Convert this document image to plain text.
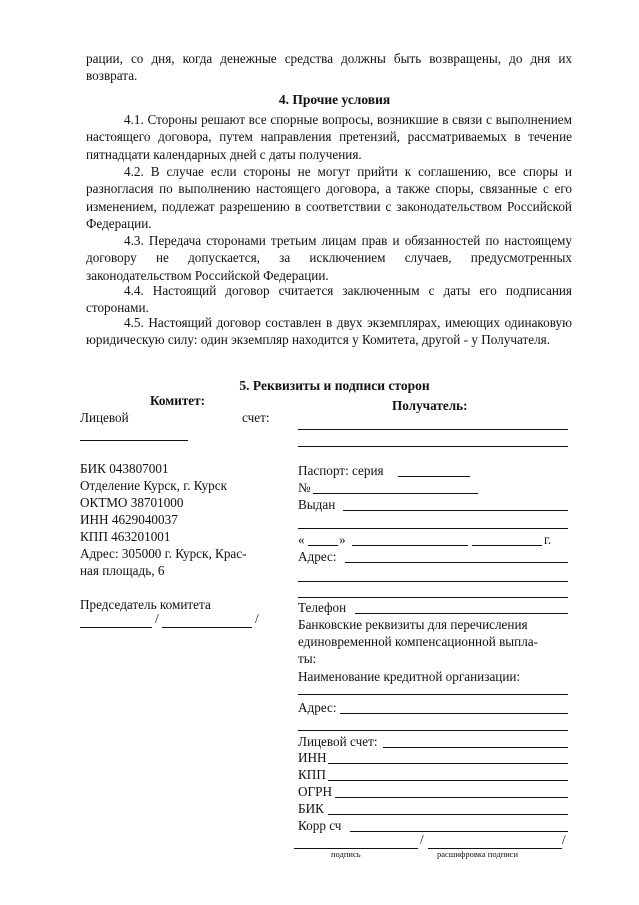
рации, со дня, когда денежные средства должны быть возвращены, до дня их возврата.

4. Прочие условия

4.1. Стороны решают все спорные вопросы, возникшие в связи с выполнением настоящего договора, путем направления претензий, рассматриваемых в течение пятнадцати календарных дней с даты получения.

4.2. В случае если стороны не могут прийти к соглашению, все споры и разногласия по выполнению настоящего договора, а также споры, связанные с его изменением, подлежат разрешению в соответствии с законодательством Российской Федерации.

4.3. Передача сторонами третьим лицам прав и обязанностей по настоящему договору не допускается, за исключением случаев, предусмотренных законодательством Российской Федерации.

4.4. Настоящий договор считается заключенным с даты его подписания сторонами.

4.5. Настоящий договор составлен в двух экземплярах, имеющих одинаковую юридическую силу: один экземпляр находится у Комитета, другой - у Получателя.

5. Реквизиты и подписи сторон
Комитет:
Лицевой	счет:
БИК 043807001
Отделение Курск, г. Курск
ОКТМО 38701000
ИНН 4629040037
КПП 463201001
Адрес: 305000 г. Курск, Крас-
ная площадь, 6
Председатель комитета
/	/
Получатель:
Паспорт: серия
№
Выдан
«	»	г.
Адрес:
Телефон
Банковские реквизиты для перечисления
единовременной компенсационной выпла-
ты:
Наименование кредитной организации:
Адрес:
Лицевой счет:
ИНН
КПП
ОГРН
БИК
Корр сч
/	/
подпись	расшифровка подписи
